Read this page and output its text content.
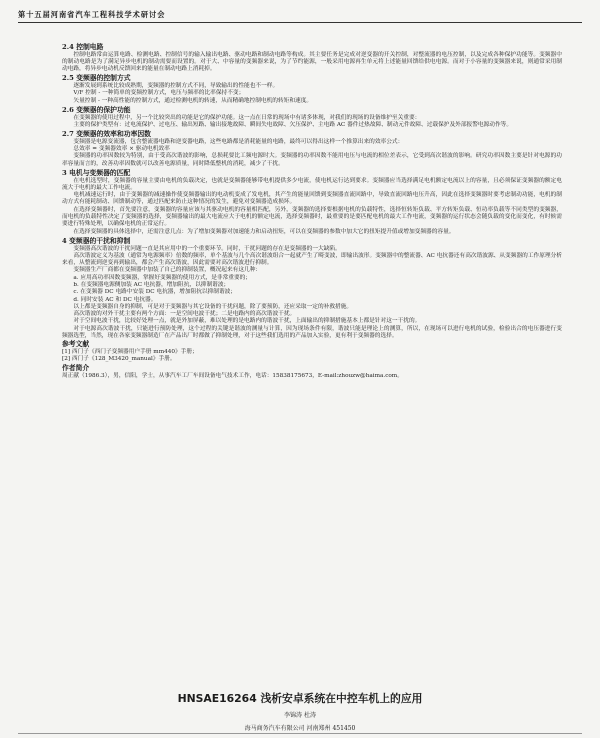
第十五届河南省汽车工程科技学术研讨会

2.4 控制电路

控制电路常由运算电路、检测电路、控制信号的输入输出电路、驱动电路和制动电路等构成。其主要任务是完成对逆变器的开关控制，对整流器的电压控制，以及完成各种保护功能等。变频器中的制动电路是为了满足异步电机的制动需要而设置的。对于大、中容量的变频器来说，为了节约能源，一般采用电源再生单元将上述能量回馈给供电电源。而对于小容量的变频器来说，则通常采用制动电路，将异步电动机反馈回来的能量在制动电路上消耗掉。

2.5 变频器的控制方式

逐渐发展到系统比较成熟期，变频器的控制方式不同，导致输出的性能也不一样。

V/F 控制 - 一种简单的变频控制方式，电压与频率的比率保持不变；

矢量控制 - 一种高性能的控制方式，通过检测电机的转速，从而精确地控制电机的转矩和速度。

2.6 变频器的保护功能

在变频器的使用过程中，另一个比较突出的功能是它的保护功能。这一点在日常的现场中有诸多体现，对我们的现场的设备维护至关重要：

主要的保护类型有：过电流保护、过电压、输出短路、输出接地故障、瞬间失电故障、欠压保护、主电路 AC 器件过热故障、制动元件故障、过载保护及外部报警电源动作等。

2.7 变频器的效率和功率因数

变频器是电源变流器，包含整流器电路和逆变器电路，这些电路都是消耗能量的电路，最终可以得出这样一个推算出来的效率公式：

总效率 = 变频器效率 × 驱动电机效率

变频器的功率因数较为特别，由于受高次谐波的影响，总损耗要比工频电源时大。变频器的功率因数不能用电压与电流的相位差表示，它受到高次谐波的影响。研究功率因数主要是针对电源的功率容量而言的，改善功率因数就可以改善电源质量，同时降低整机的消耗，减少了干扰。

3 电机与变频器的匹配

在电机选型时，变频器的容量主要由电机的负载决定，也就是变频器能够带电机提供多少电流，使电机运行达到要求。变频器应当选择满足电机额定电流以上的容量，且必须保证变频器的额定电流大于电机的最大工作电流。

电机减速运行时，由于变频器的减速操作使变频器输出的电动机变成了发电机，其产生的能量回馈到变频器直流回路中，导致直流回路电压升高，因此在选择变频器时要考虑制动功能，电机的制动方式有能耗制动、回馈制动等，通过匹配来防止这种情况的发生，避免对变频器造成损坏。

在选择变频器时，首先要注意，变频器的容量应该与其驱动电机的容量相匹配，另外，变频器的选择要根据电机的负载特性，选择恒转矩负载、平方转矩负载、恒功率负载等不同类型的变频器，而电机的负载特性决定了变频器的选择，变频器输出的最大电流应大于电机的额定电流，选择变频器时，最重要的是要匹配电机的最大工作电流，变频器的运行状态会随负载的变化而变化，有时候需要进行特殊处理，以确保电机的正常运行。

在选择变频器的具体选择中，还需注意几点：为了增加变频器对加速能力和启动扭矩，可以在变频器的参数中加大它的扭矩提升值或增加变频器的容量。

4 变频器的干扰和抑制

变频器高次谐波的干扰问题一直是其应用中的一个重要环节。同时，干扰问题的存在是变频器的一大缺陷。

高次谐波定义为基波（通常为电源频率）倍数的频率，单个基波与几个高次谐波组合一起就产生了畸变波，即输出波形。变频器中的整流器、AC 电抗器还有高次谐波源、从变频器的工作原理分析来看，从整流到逆变再到输出，都会产生高次谐波，因此需要对高次谐波进行抑制。

变频器生产厂商都在变频器中加装了自己的抑制装置，概况起来有这几种：

a. 应用高功率因数变频器，掌握好变频器的使用方式，是非常重要的；

b. 在变频器电源侧加装 AC 电抗器，增加阻抗，以抑制谐波；

c. 在变频器 DC 电路中安装 DC 电抗器，增加阻抗以抑制谐波；

d. 同时安装 AC 和 DC 电抗器。

以上都是变频器自身的抑制，可是对于变频器与其它设备的干扰问题，除了要预防，还应采取一定的补救措施。

高次谐波的对外干扰主要有两个方面：一是空间电波干扰；二是电路内的高次谐波干扰。

对于空间电波干扰，比较好处理一点，就是外加屏蔽，难以处理的是电路内的谐波干扰，上面输出的抑制措施基本上都是针对这一干扰的。

对于电源高次谐波干扰，只能进行预防处理，这个过程的关键是谐波的测量与计算，因为现场条件有限，谐波只能是理论上的测算，所以，在现场可以进行电机的试验，检验出合的电压器进行变频器选型，当然，现在各家变频器制造厂在产品出厂时都做了抑制处理，对于这些我们选用的产品加入实验，更有利于变频器的选择。

参考文献

[1] 西门子《西门子变频器用户手册 mm440》手册；

[2] 西门子《128_M3420_manual》手册。

作者简介

周正献（1986.3），男，信阳，学士，从事汽车工厂车间设备电气技术工作，电话：15838175673，E-mail:zhouzw@haima.com。

HNSAE16264 浅析安卓系统在中控车机上的应用
李锦涛 杜涛
海马商务汽车有限公司 河南郑州 451450
